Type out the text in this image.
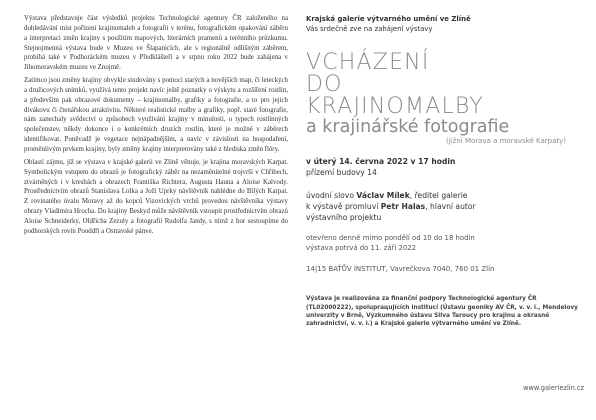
Výstava představuje část výsledků projektu Technologické agentury ČR založeného na dohledávání míst pořízení krajinomaleb a fotografií v terénu, fotografickém opakování záběru a interpretaci změn krajiny s použitím mapových, literárních pramenů a terénního průzkumu. Stejnojmenná výstava bude v Muzeu ve Šlapanicích, ale s regionálně odlišným záběrem, probíhá také v Podhoráckém muzeu v Předklášteří a v srpnu roku 2022 bude zahájena v Jihomoravském muzeu ve Znojmě.

Zatímco jsou změny krajiny obvykle studovány s pomocí starých a novějších map, či leteckých a družicových snímků, využívá tento projekt navíc ještě poznatky o výskytu a rozšíření rostlin, a především pak obrazové dokumenty – krajinomalby, grafiky a fotografie, a to pro jejich divákovu či čtenářskou atraktivitu. Některé realistické malby a grafiky, popř. staré fotografie, nám zanechaly svědectví o způsobech využívání krajiny v minulosti, o typech rostlinných společenstev, někdy dokonce i o konkrétních druzích rostlin, které je možné v záběrech identifikovat. Poněvadž je vegetace nejnápadnějším, a navíc v závislosti na hospodaření, proměnlivým prvkem krajiny, byly změny krajiny interpretovány také z hlediska změn flóry.

Oblastí zájmu, jíž se výstava v krajské galerii ve Zlíně věnuje, je krajina moravských Karpat. Symbolickým vstupem do obrazů je fotografický záběr na nezaměnitelné trojvrší v Chřibech, ztvárněných i v kresbách a obrazech Františka Richtera, Augusta Hauna a Aloise Kalvody. Prostřednictvím obrazů Stanislava Lolka a Joži Uprky návštěvník nahlédne do Bílých Karpat. Z rovinatého úvalu Moravy až do kopců Vizovických vrchů provedou návštěvníka výstavy obrazy Vladimíra Hrocha. Do krajiny Beskyd může návštěvník vstoupit prostřednictvím obrazů Aloise Schneiderky, Oldřicha Zezuly a fotografií Rudolfa Jandy, s nímž z hor sestoupíme do podhorských rovin Pooddří a Ostravské pánve.

Krajská galerie výtvarného umění ve Zlíně
Vás srdečně zve na zahájení výstavy
VCHÁZENÍ
DO
KRAJINOMALBY
a krajinářské fotografie
(jižní Morava a moravské Karpaty)
v úterý 14. června 2022 v 17 hodin
přízemí budovy 14
úvodní slovo Václav Mílek, ředitel galerie
k výstavě promluví Petr Halas, hlavní autor
výstavního projektu
otevřeno denně mimo pondělí od 10 do 18 hodin
výstava potrvá do 11. září 2022
14|15 BAŤŮV INSTITUT, Vavrečkova 7040, 760 01 Zlín
Výstava je realizována za finanční podpory Technologické agentury ČR (TL02000222), spoluprацujících institucí (Ústavu geoniky AV ČR, v. v. i., Mendelovy univerzity v Brně, Výzkumného ústavu Silva Taroucy pro krajinu a okrasné zahradnictví, v. v. i.) a Krajské galerie výtvarného umění ve Zlíně.
www.galeriezlin.cz
